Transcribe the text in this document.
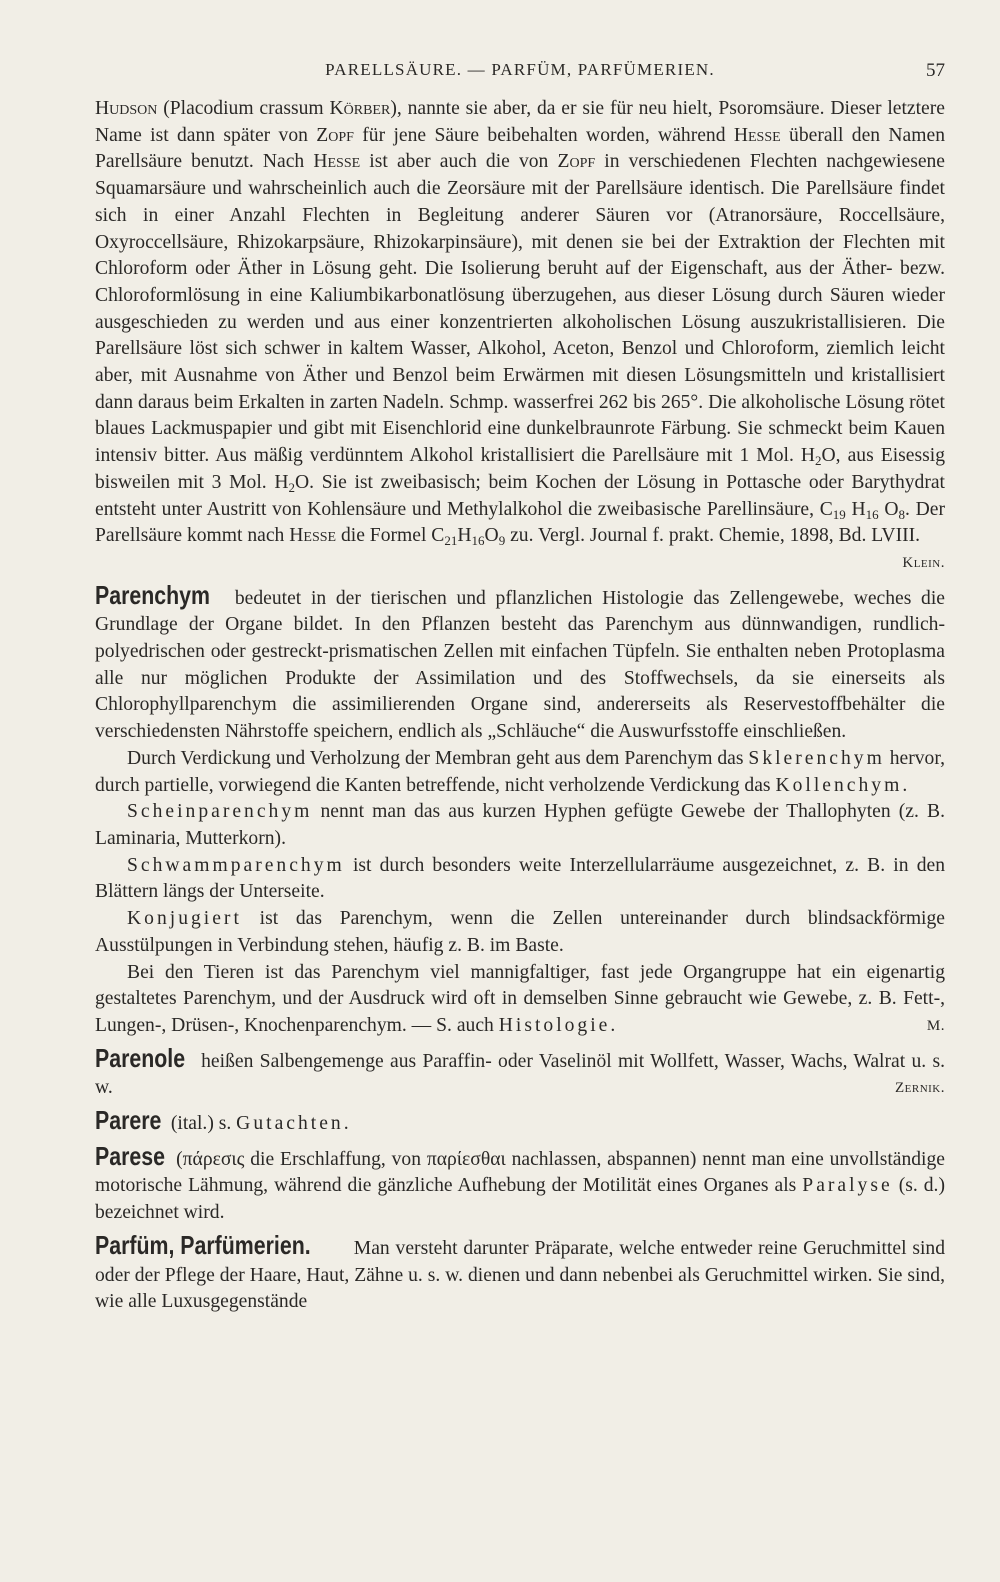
PARELLSÄURE. — PARFÜM, PARFÜMERIEN.	57

Hudson (Placodium crassum Körber), nannte sie aber, da er sie für neu hielt, Psoromsäure. Dieser letztere Name ist dann später von Zopf für jene Säure beibehalten worden, während Hesse überall den Namen Parellsäure benutzt. Nach Hesse ist aber auch die von Zopf in verschiedenen Flechten nachgewiesene Squamarsäure und wahrscheinlich auch die Zeorsäure mit der Parellsäure identisch. Die Parellsäure findet sich in einer Anzahl Flechten in Begleitung anderer Säuren vor (Atranorsäure, Roccellsäure, Oxyroccellsäure, Rhizokarpsäure, Rhizokarpinsäure), mit denen sie bei der Extraktion der Flechten mit Chloroform oder Äther in Lösung geht. Die Isolierung beruht auf der Eigenschaft, aus der Äther- bezw. Chloroformlösung in eine Kaliumbikarbonatlösung überzugehen, aus dieser Lösung durch Säuren wieder ausgeschieden zu werden und aus einer konzentrierten alkoholischen Lösung auszukristallisieren. Die Parellsäure löst sich schwer in kaltem Wasser, Alkohol, Aceton, Benzol und Chloroform, ziemlich leicht aber, mit Ausnahme von Äther und Benzol beim Erwärmen mit diesen Lösungsmitteln und kristallisiert dann daraus beim Erkalten in zarten Nadeln. Schmp. wasserfrei 262 bis 265°. Die alkoholische Lösung rötet blaues Lackmuspapier und gibt mit Eisenchlorid eine dunkelbraunrote Färbung. Sie schmeckt beim Kauen intensiv bitter. Aus mäßig verdünntem Alkohol kristallisiert die Parellsäure mit 1 Mol. $H_2O$, aus Eisessig bisweilen mit 3 Mol. $H_2O$. Sie ist zweibasisch; beim Kochen der Lösung in Pottasche oder Barythydrat entsteht unter Austritt von Kohlensäure und Methylalkohol die zweibasische Parellinsäure, $C_{19}$ $H_{16}$ $O_8$. Der Parellsäure kommt nach Hesse die Formel $C_{21}H_{16}O_9$ zu. Vergl. Journal f. prakt. Chemie, 1898, Bd. LVIII.

Klein.

Parenchym bedeutet in der tierischen und pflanzlichen Histologie das Zellengewebe, weches die Grundlage der Organe bildet. In den Pflanzen besteht das Parenchym aus dünnwandigen, rundlich-polyedrischen oder gestreckt-prismatischen Zellen mit einfachen Tüpfeln. Sie enthalten neben Protoplasma alle nur möglichen Produkte der Assimilation und des Stoffwechsels, da sie einerseits als Chlorophyllparenchym die assimilierenden Organe sind, andererseits als Reservestoffbehälter die verschiedensten Nährstoffe speichern, endlich als „Schläuche“ die Auswurfsstoffe einschließen.

Durch Verdickung und Verholzung der Membran geht aus dem Parenchym das Sklerenchym hervor, durch partielle, vorwiegend die Kanten betreffende, nicht verholzende Verdickung das Kollenchym.

Scheinparenchym nennt man das aus kurzen Hyphen gefügte Gewebe der Thallophyten (z. B. Laminaria, Mutterkorn).

Schwammparenchym ist durch besonders weite Interzellularräume ausgezeichnet, z. B. in den Blättern längs der Unterseite.

Konjugiert ist das Parenchym, wenn die Zellen untereinander durch blindsackförmige Ausstülpungen in Verbindung stehen, häufig z. B. im Baste.

Bei den Tieren ist das Parenchym viel mannigfaltiger, fast jede Organgruppe hat ein eigenartig gestaltetes Parenchym, und der Ausdruck wird oft in demselben Sinne gebraucht wie Gewebe, z. B. Fett-, Lungen-, Drüsen-, Knochenparenchym. — S. auch Histologie.	M.

Parenole heißen Salbengemenge aus Paraffin- oder Vaselinöl mit Wollfett, Wasser, Wachs, Walrat u. s. w.	Zernik.

Parere (ital.) s. Gutachten.

Parese (πάρεσις die Erschlaffung, von παρίεσθαι nachlassen, abspannen) nennt man eine unvollständige motorische Lähmung, während die gänzliche Aufhebung der Motilität eines Organes als Paralyse (s. d.) bezeichnet wird.

Parfüm, Parfümerien. Man versteht darunter Präparate, welche entweder reine Geruchmittel sind oder der Pflege der Haare, Haut, Zähne u. s. w. dienen und dann nebenbei als Geruchmittel wirken. Sie sind, wie alle Luxusgegenstände
